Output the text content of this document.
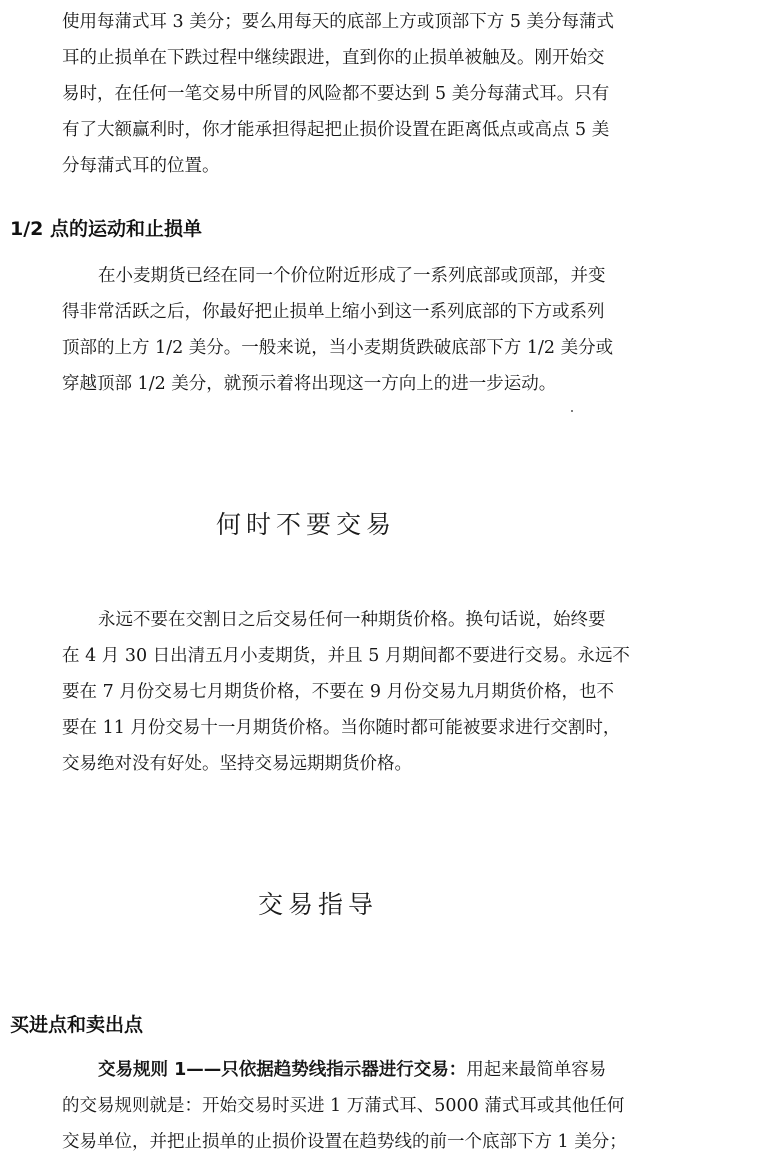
使用每蒲式耳 3 美分；要么用每天的底部上方或顶部下方 5 美分每蒲式
耳的止损单在下跌过程中继续跟进，直到你的止损单被触及。刚开始交
易时，在任何一笔交易中所冒的风险都不要达到 5 美分每蒲式耳。只有
有了大额赢利时，你才能承担得起把止损价设置在距离低点或高点 5 美
分每蒲式耳的位置。
1/2 点的运动和止损单
在小麦期货已经在同一个价位附近形成了一系列底部或顶部，并变
得非常活跃之后，你最好把止损单上缩小到这一系列底部的下方或系列
顶部的上方 1/2 美分。一般来说，当小麦期货跌破底部下方 1/2 美分或
穿越顶部 1/2 美分，就预示着将出现这一方向上的进一步运动。
何时不要交易
永远不要在交割日之后交易任何一种期货价格。换句话说，始终要
在 4 月 30 日出清五月小麦期货，并且 5 月期间都不要进行交易。永远不
要在 7 月份交易七月期货价格，不要在 9 月份交易九月期货价格，也不
要在 11 月份交易十一月期货价格。当你随时都可能被要求进行交割时，
交易绝对没有好处。坚持交易远期期货价格。
交易指导
买进点和卖出点
交易规则 1——只依据趋势线指示器进行交易：用起来最简单容易
的交易规则就是：开始交易时买进 1 万蒲式耳、5000 蒲式耳或其他任何
交易单位，并把止损单的止损价设置在趋势线的前一个底部下方 1 美分；
